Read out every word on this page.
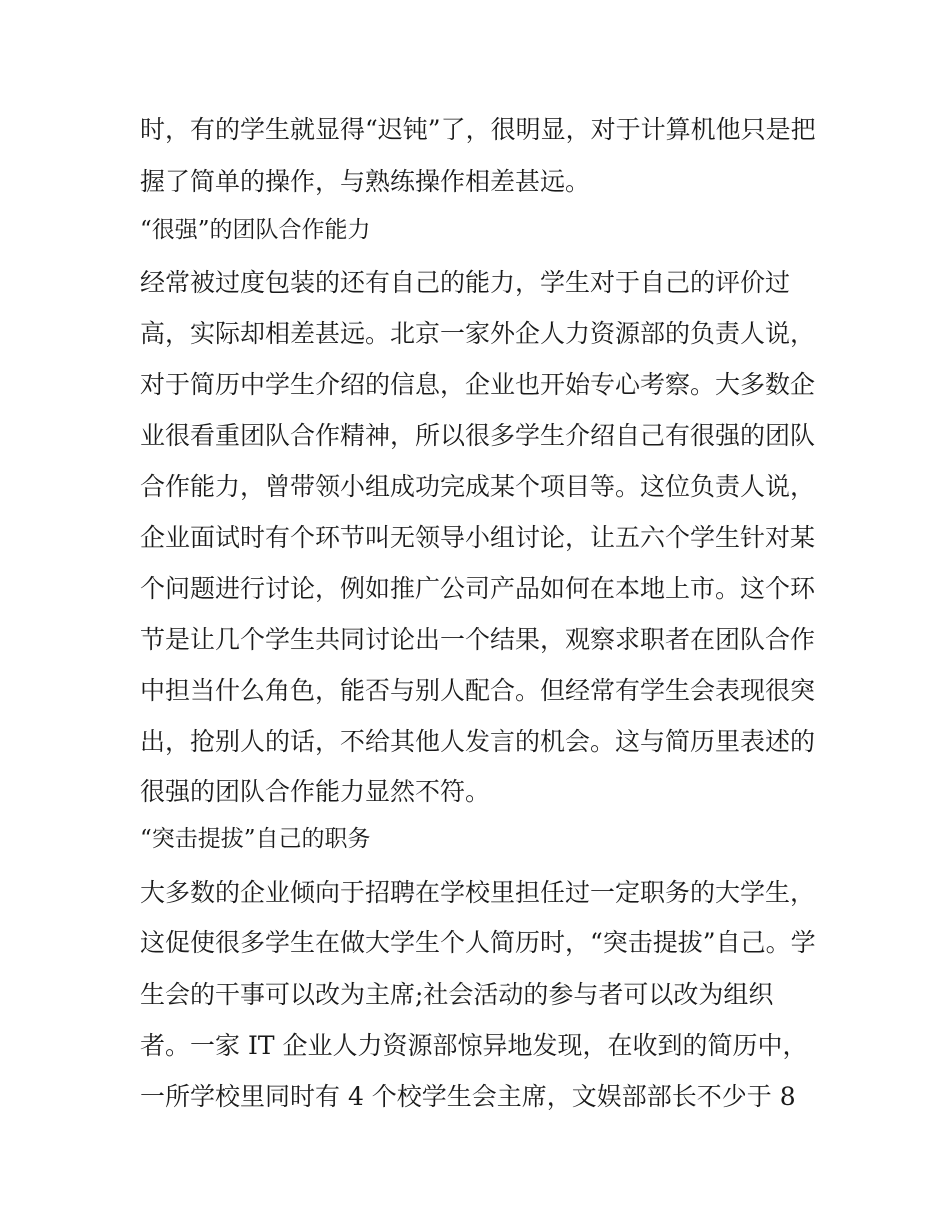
时，有的学生就显得“迟钝”了，很明显，对于计算机他只是把
握了简单的操作，与熟练操作相差甚远。
“很强”的团队合作能力
经常被过度包装的还有自己的能力，学生对于自己的评价过
高，实际却相差甚远。北京一家外企人力资源部的负责人说，
对于简历中学生介绍的信息，企业也开始专心考察。大多数企
业很看重团队合作精神，所以很多学生介绍自己有很强的团队
合作能力，曾带领小组成功完成某个项目等。这位负责人说，
企业面试时有个环节叫无领导小组讨论，让五六个学生针对某
个问题进行讨论，例如推广公司产品如何在本地上市。这个环
节是让几个学生共同讨论出一个结果，观察求职者在团队合作
中担当什么角色，能否与别人配合。但经常有学生会表现很突
出，抢别人的话，不给其他人发言的机会。这与简历里表述的
很强的团队合作能力显然不符。
“突击提拔”自己的职务
大多数的企业倾向于招聘在学校里担任过一定职务的大学生，
这促使很多学生在做大学生个人简历时，“突击提拔”自己。学
生会的干事可以改为主席;社会活动的参与者可以改为组织
者。一家 IT 企业人力资源部惊异地发现，在收到的简历中，
一所学校里同时有 4 个校学生会主席，文娱部部长不少于 8
